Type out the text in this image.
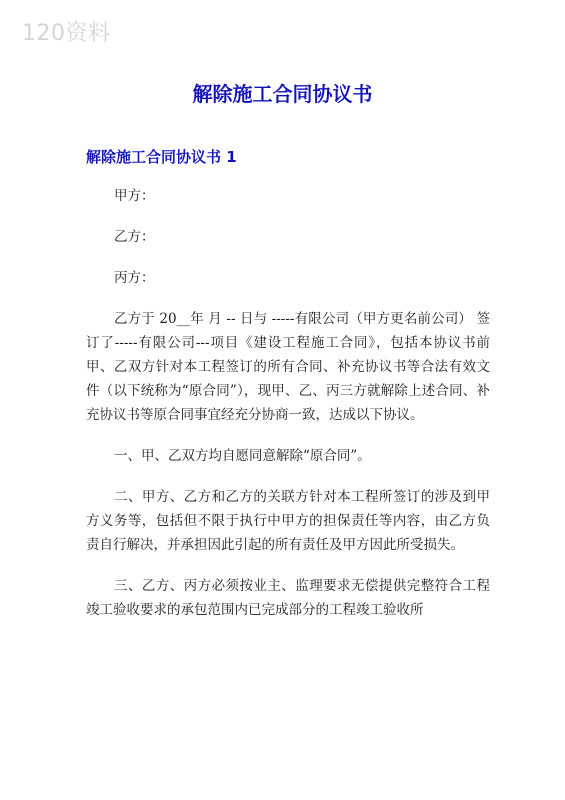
120资料
解除施工合同协议书
解除施工合同协议书 1
甲方：
乙方：
丙方：

乙方于 20__年 月 -- 日与 -----有限公司（甲方更名前公司） 签订了-----有限公司---项目《建设工程施工合同》，包括本协议书前甲、乙双方针对本工程签订的所有合同、补充协议书等合法有效文件（以下统称为“原合同”），现甲、乙、丙三方就解除上述合同、补充协议书等原合同事宜经充分协商一致，达成以下协议。

一、甲、乙双方均自愿同意解除“原合同”。

二、甲方、乙方和乙方的关联方针对本工程所签订的涉及到甲方义务等，包括但不限于执行中甲方的担保责任等内容，由乙方负责自行解决，并承担因此引起的所有责任及甲方因此所受损失。

三、乙方、丙方必须按业主、监理要求无偿提供完整符合工程竣工验收要求的承包范围内已完成部分的工程竣工验收所
